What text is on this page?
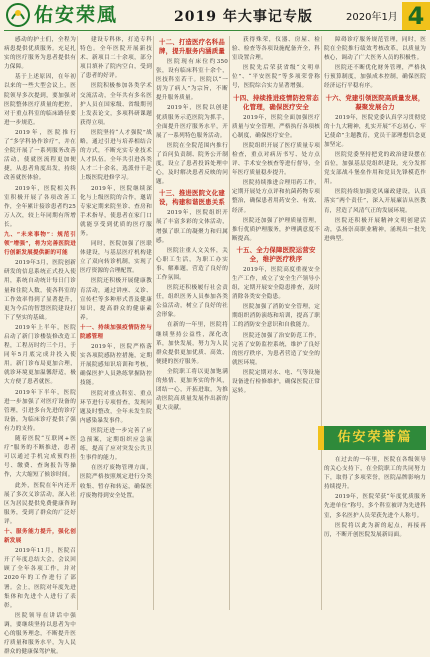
佑安荣風	2019 年大事记专版	2020年1月 4

感动的护士们，全程为病患提供优质服务。充足扎实的医疗服务为患者提供有力保障。

基于上述原因，在年初以来的一些大型会议上，医院领导多次提到，要加强对医院整体医疗质量的把控，对于重点科室的临床路径要进一步规范。

2019年，医院推行了“多学科协作诊疗”，并在全院开展了一系列服务改善活动，使就医流程更加便捷，从患者角度出发，持续改善就医体验。

2019年，医院相关科室积极开展了各项改善工作，全年累计接诊患者约25万人次，较上年同期有所增长。

九、“未来事物”：规范引领“增强”，将为完善医院进行创新发展提供新的可能

2019年3月，医院创新研发的信息系统正式投入使用，系统自动统计每日门诊量和住院人数，使各科室的工作效率得到了显著提升，更为今后的智慧医院建设打下了坚实的基础。

2019年上半年，医院启动了新门诊楼装修改造工程，工程历时约三个月，于同年5月底完成并投入使用。新门诊布局更加合理，就诊环境更加温馨舒适，极大方便了患者就医。

2019年下半年，医院进一步加强了对医疗设备的管理，引进多台先进的诊疗设备，为临床诊疗提供了强有力的支持。

随着医院“互联网+医疗”服务的不断推进，患者可以通过手机完成预约挂号、缴费、查询报告等操作，大大缩短了候诊时间。

此外，医院在年内还开展了多次义诊活动，深入社区为居民提供免费健康咨询服务，受到了群众的广泛好评。

十、服务能力提升，强化创新发展

2019年11月，医院召开了年度总结大会，会议回顾了全年各项工作，并对2020年的工作进行了部署。会上，医院对年度先进集体和先进个人进行了表彰。

医院领导在讲话中强调，要继续坚持以患者为中心的服务理念，不断提升医疗质量和服务水平，为人民群众的健康保驾护航。

建设专科体，打造专科特色。全年医院开展新技术、新项目二十余项，部分项目填补了院内空白，受到了患者的好评。

医院积极参加各类学术交流活动，全年共有多名医护人员在国家级、省级期刊上发表论文，多项科研课题获得立项。

医院坚持“人才强院”战略，通过引进与培养相结合的方式，不断充实专业技术人才队伍。全年共引进各类人才二十余名，选派骨干赴上级医院进修学习。

2019年，医院继续深化与上级医院的合作，邀请专家定期来院坐诊、查房和手术指导，使患者在家门口就能享受到优质的医疗服务。

同时，医院加强了医联体建设，与基层医疗机构建立了双向转诊机制，实现了医疗资源的合理配置。

医院还积极开展健康教育活动，通过讲座、义诊、宣传栏等多种形式普及健康知识，提高群众的健康素养。

十一、持续加强疫情防控与院感管理

2019年，医院严格落实各项院感防控措施，定期开展院感知识培训和考核，确保医护人员熟练掌握防控技能。

医院对重点科室、重点环节进行专项督查，发现问题及时整改，全年未发生院内感染暴发事件。

医院还进一步完善了应急预案，定期组织应急演练，提高了应对突发公共卫生事件的能力。

在医疗废物管理方面，医院严格按照规定进行分类收集、暂存和转运，确保医疗废物得到安全处置。

十二、打造医疗名科品牌，提升服务内涵质量

医院现有床位约350张，设有临床科室十余个，医技科室若干。医院以“一切为了病人”为宗旨，不断提升服务质量。

2019年，医院以创建优质服务示范医院为抓手，全面提升医疗服务水平，开展了一系列特色服务活动。

医院在全院范围内推行了首问负责制、院务公开制度，设立了患者投诉处理中心，及时解决患者反映的问题。

十三、推进医院文化建设，构建和谐医患关系

2019年，医院组织开展了丰富多彩的文体活动，增强了职工的凝聚力和归属感。

医院注重人文关怀，关心职工生活，为职工办实事、解难题，营造了良好的工作氛围。

医院还积极履行社会责任，组织医务人员参加各类公益活动，树立了良好的社会形象。

在新的一年里，医院将继续坚持公益性，深化改革，加快发展，努力为人民群众提供更加优质、高效、便捷的医疗服务。

全院职工将以更加饱满的热情、更加务实的作风，团结一心，开拓进取，为推动医院高质量发展作出新的更大贡献。

获得殊荣，仪器、房屋、检验、检查等各项设施配备齐全，科室设置合理。

医院先后荣获省级“文明单位”、“平安医院”等多项荣誉称号，医院综合实力显著增强。

十四、持续推进疫情防控常态化管理，确保医疗安全

2019年，医院全面加强医疗质量与安全管理，严格执行各项核心制度，确保医疗安全。

医院组织开展了医疗质量专项检查，重点对病历书写、处方点评、手术安全核查等进行督导，全年医疗质量稳步提升。

医院持续推进合理用药工作，定期开展处方点评和抗菌药物专项整治，确保患者用药安全、有效、经济。

医院还加强了护理质量管理，推行优质护理服务，护理满意度不断提高。

十五、全力保障医院运营安全，维护医疗秩序

2019年，医院高度重视安全生产工作，成立了安全生产领导小组，定期开展安全隐患排查，及时消除各类安全隐患。

医院加强了消防安全管理，定期组织消防演练和培训，提高了职工的消防安全意识和自救能力。

医院还加强了治安防范工作，完善了安防监控系统，维护了良好的医疗秩序，为患者营造了安全的就医环境。

医院定期对水、电、气等设施设备进行检修维护，确保医院正常运转。

障碍诊疗服务规范管理，同时，医院在全院推行绩效考核改革，以质量为核心，调动了广大医务人员的积极性。

医院还不断优化财务管理，严格执行预算制度，加强成本控制，确保医院经济运行平稳有序。

十六、党建引领医院高质量发展，凝聚发展合力

2019年，医院党委认真学习贯彻党的十九大精神，扎实开展“不忘初心、牢记使命”主题教育，党员干部理想信念更加坚定。

医院党委坚持把党的政治建设摆在首位，加强基层党组织建设，充分发挥党支部战斗堡垒作用和党员先锋模范作用。

医院持续加强党风廉政建设，认真落实“两个责任”，深入开展廉洁从医教育，营造了风清气正的发展环境。

医院还积极开展精神文明创建活动，弘扬崇高职业精神，涌现出一批先进典型。

佑安荣誉篇

在过去的一年里，医院在各级领导的关心支持下，在全院职工的共同努力下，取得了多项荣誉，医院品牌影响力持续提升。

2019年，医院荣获“年度优质服务先进单位”称号，多个科室被评为先进科室，多名医护人员荣获先进个人称号。

医院将以此为新的起点，再接再厉，不断开创医院发展新局面。
